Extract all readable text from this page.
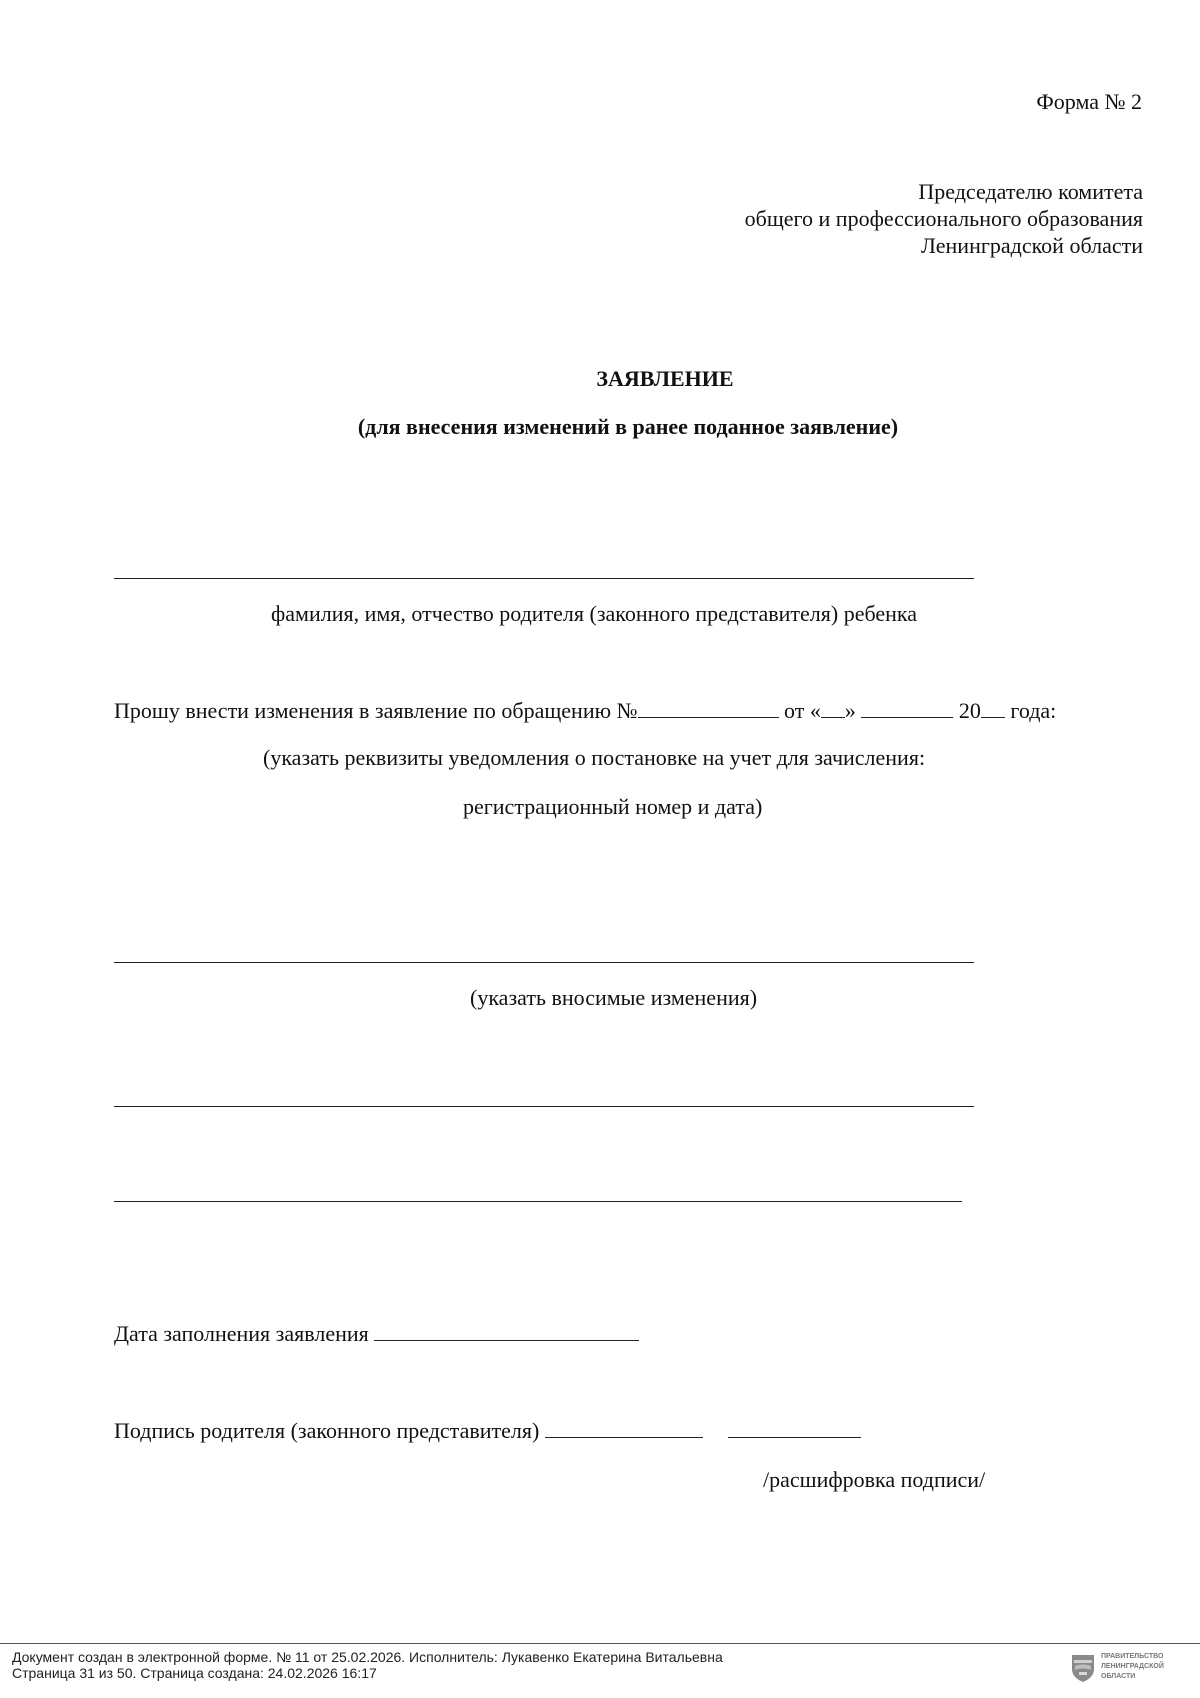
Форма № 2
Председателю комитета
общего и профессионального образования
Ленинградской области
ЗАЯВЛЕНИЕ
(для внесения изменений в ранее поданное заявление)
фамилия, имя, отчество родителя (законного представителя) ребенка
Прошу внести изменения в заявление по обращению №	от « »	20 года:
(указать реквизиты уведомления о постановке на учет для зачисления:
регистрационный номер и дата)
(указать вносимые изменения)
Дата заполнения заявления
Подпись родителя (законного представителя)
/расшифровка подписи/
Документ создан в электронной форме. № 11 от 25.02.2026. Исполнитель: Лукавенко Екатерина Витальевна
Страница 31 из 50. Страница создана: 24.02.2026 16:17
ПРАВИТЕЛЬСТВО
ЛЕНИНГРАДСКОЙ
ОБЛАСТИ
